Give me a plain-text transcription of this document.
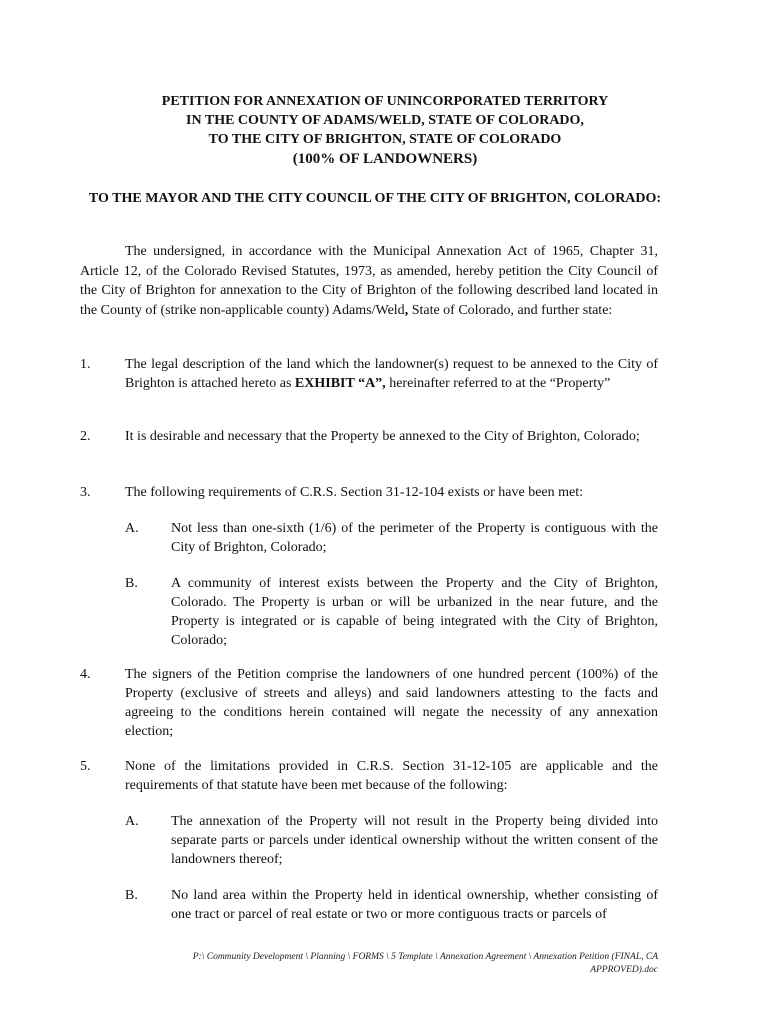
PETITION FOR ANNEXATION OF UNINCORPORATED TERRITORY
IN THE COUNTY OF ADAMS/WELD, STATE OF COLORADO,
TO THE CITY OF BRIGHTON, STATE OF COLORADO
(100% OF LANDOWNERS)
TO THE MAYOR AND THE CITY COUNCIL OF THE CITY OF BRIGHTON, COLORADO:
The undersigned, in accordance with the Municipal Annexation Act of 1965, Chapter 31, Article 12, of the Colorado Revised Statutes, 1973, as amended, hereby petition the City Council of the City of Brighton for annexation to the City of Brighton of the following described land located in the County of (strike non-applicable county) Adams/Weld, State of Colorado, and further state:
1. The legal description of the land which the landowner(s) request to be annexed to the City of Brighton is attached hereto as EXHIBIT “A”, hereinafter referred to at the “Property”
2. It is desirable and necessary that the Property be annexed to the City of Brighton, Colorado;
3. The following requirements of C.R.S. Section 31-12-104 exists or have been met:
A. Not less than one-sixth (1/6) of the perimeter of the Property is contiguous with the City of Brighton, Colorado;
B. A community of interest exists between the Property and the City of Brighton, Colorado. The Property is urban or will be urbanized in the near future, and the Property is integrated or is capable of being integrated with the City of Brighton, Colorado;
4. The signers of the Petition comprise the landowners of one hundred percent (100%) of the Property (exclusive of streets and alleys) and said landowners attesting to the facts and agreeing to the conditions herein contained will negate the necessity of any annexation election;
5. None of the limitations provided in C.R.S. Section 31-12-105 are applicable and the requirements of that statute have been met because of the following:
A. The annexation of the Property will not result in the Property being divided into separate parts or parcels under identical ownership without the written consent of the landowners thereof;
B. No land area within the Property held in identical ownership, whether consisting of one tract or parcel of real estate or two or more contiguous tracts or parcels of
P:\ Community Development \ Planning \ FORMS \ 5 Template \ Annexation Agreement \ Annexation Petition (FINAL, CA APPROVED).doc
